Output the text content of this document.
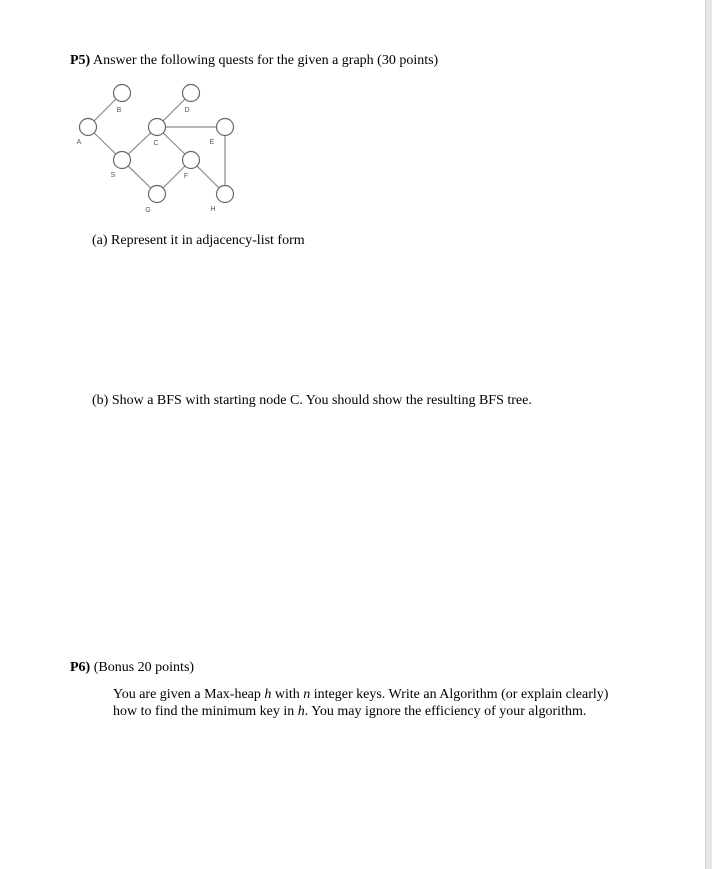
P5) Answer the following quests for the given a graph (30 points)
A
B
S
C
D
G
F
E
H
(a) Represent it in adjacency-list form
(b) Show a BFS with starting node C. You should show the resulting BFS tree.
P6) (Bonus 20 points)
You are given a Max-heap h with n integer keys. Write an Algorithm (or explain clearly) how to find the minimum key in h. You may ignore the efficiency of your algorithm.
